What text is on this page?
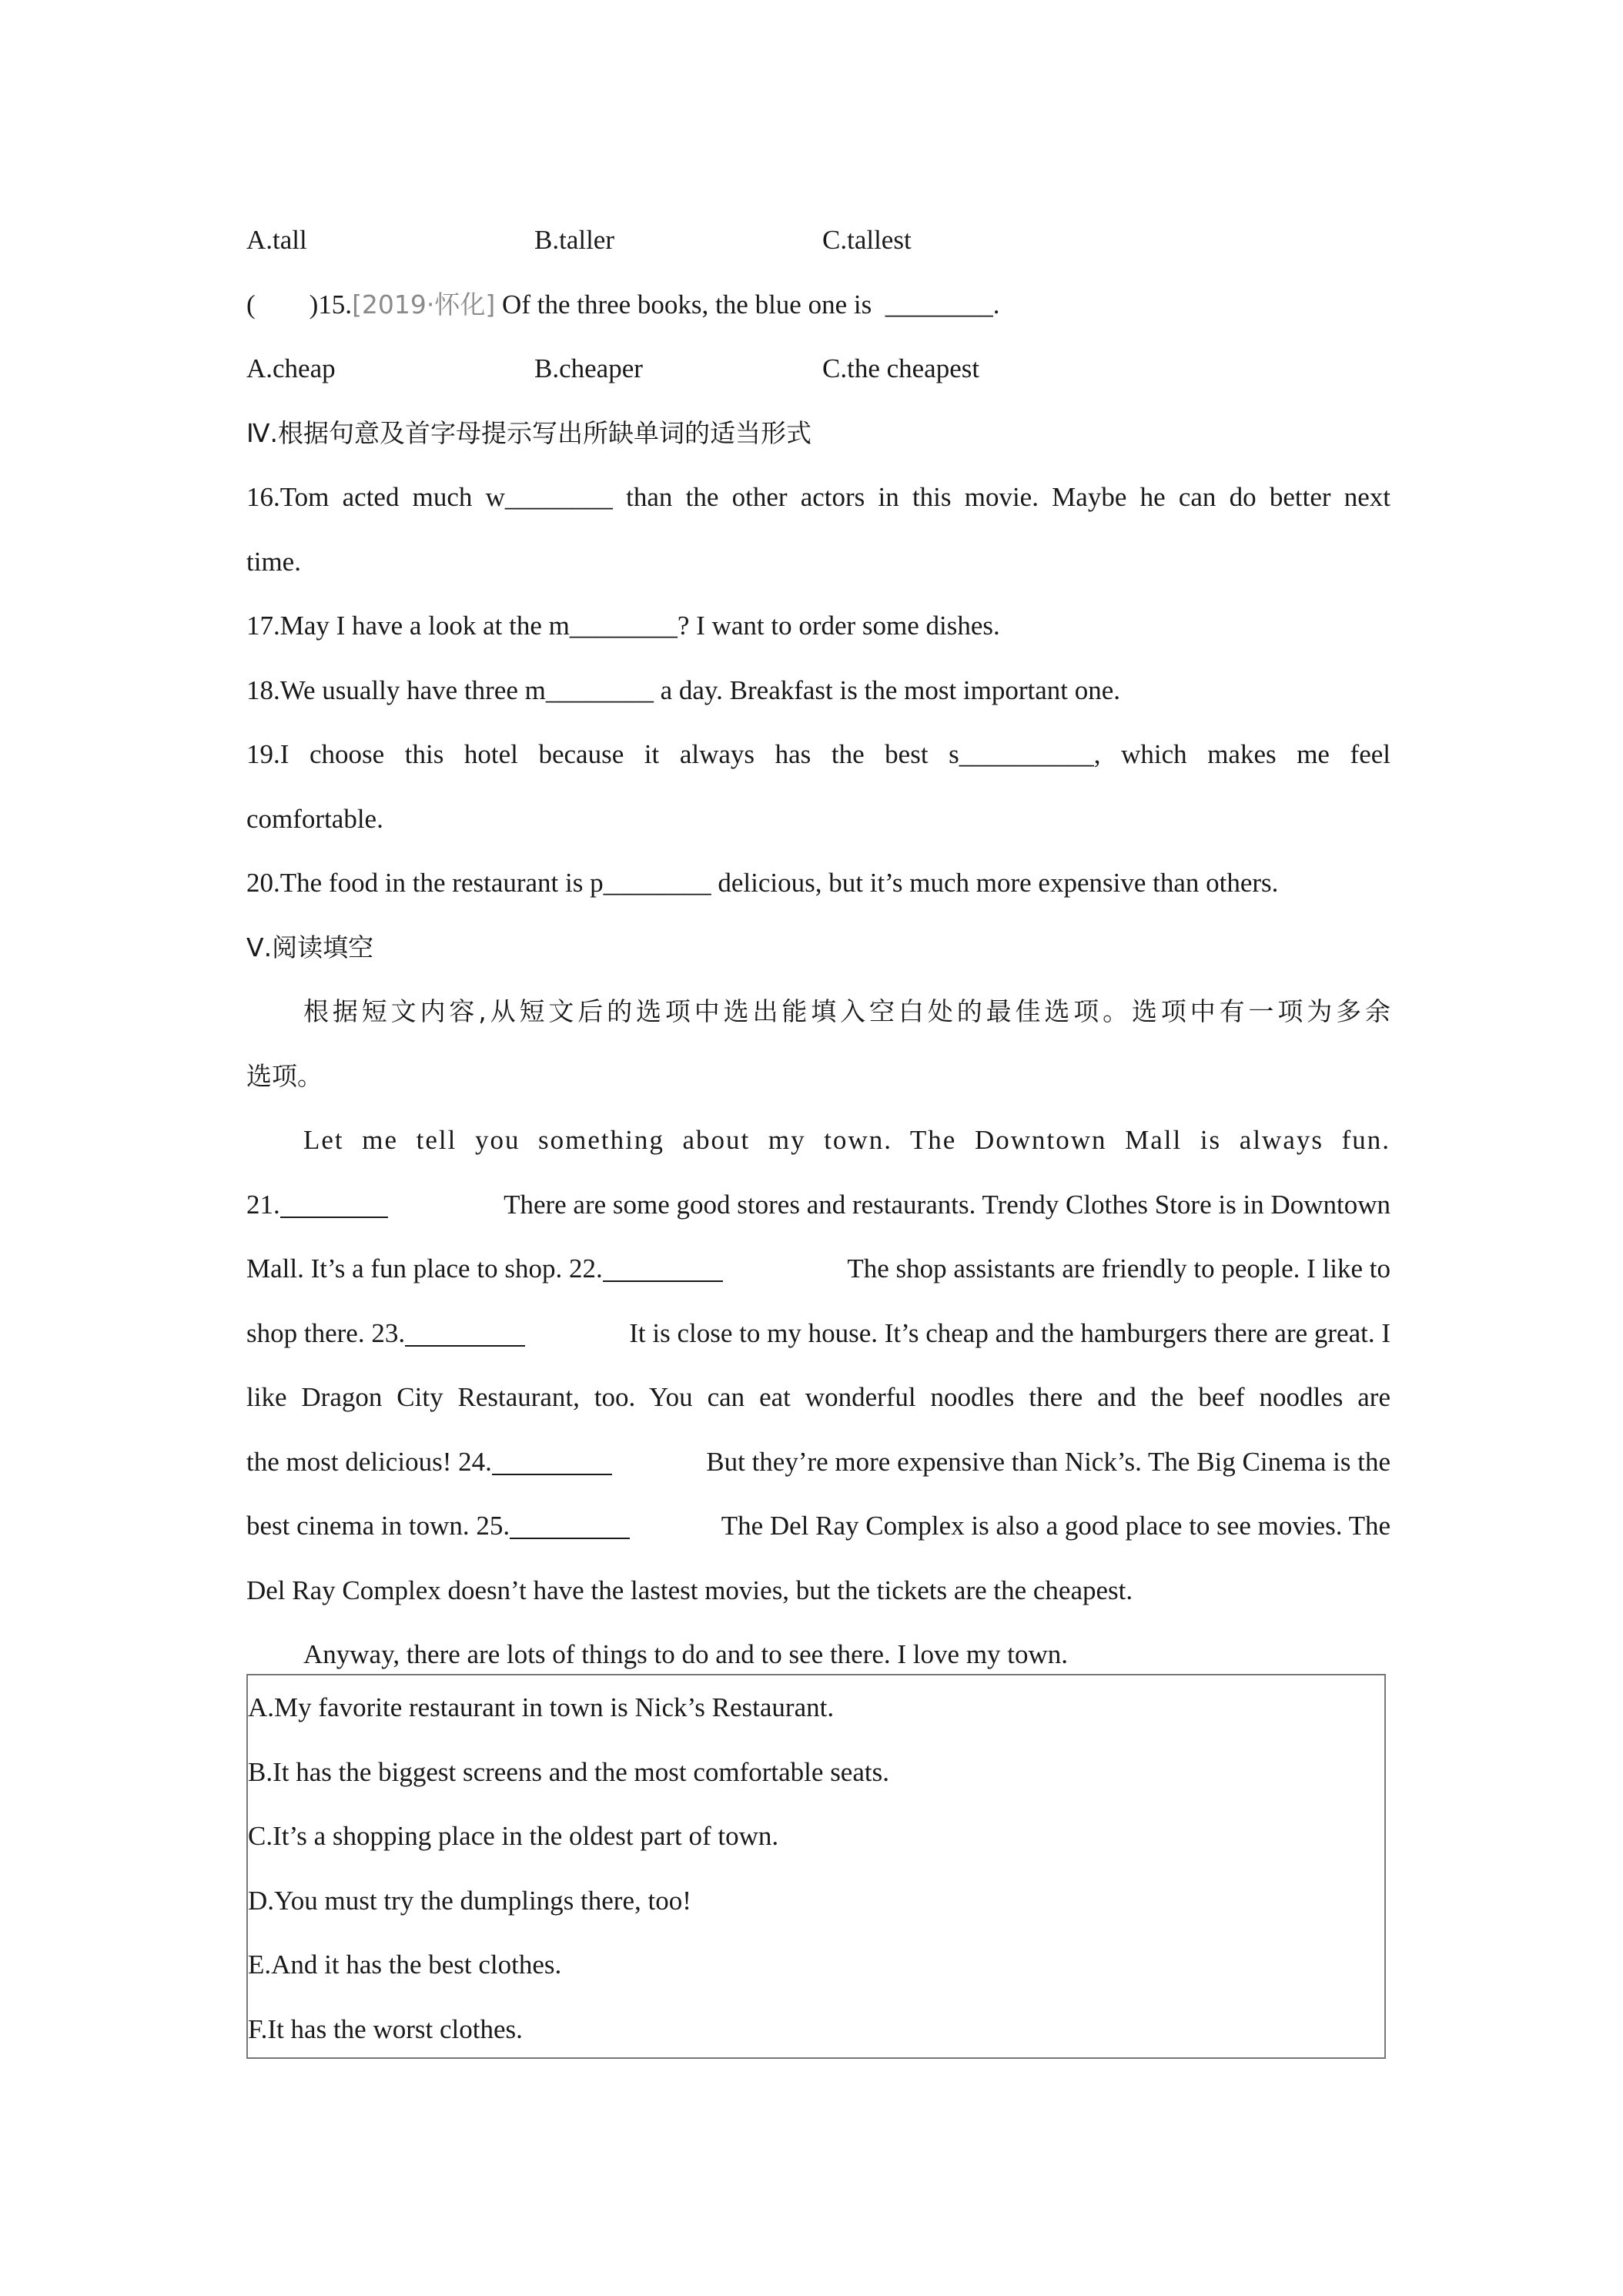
A.tall	B.taller	C.tallest
(        )15.[2019·怀化] Of the three books, the blue one is  ________.
A.cheap	B.cheaper	C.the cheapest
Ⅳ.根据句意及首字母提示写出所缺单词的适当形式
16.Tom acted much w________ than the other actors in this movie. Maybe he can do better next
time.
17.May I have a look at the m________? I want to order some dishes.
18.We usually have three m________ a day. Breakfast is the most important one.
19.I choose this hotel because it always has the best s__________, which makes me feel
comfortable.
20.The food in the restaurant is p________ delicious, but it’s much more expensive than others.
Ⅴ.阅读填空
根据短文内容,从短文后的选项中选出能填入空白处的最佳选项。选项中有一项为多余
选项。
Let me tell you something about my town. The Downtown Mall is always fun.
21.	There are some good stores and restaurants. Trendy Clothes Store is in Downtown
Mall. It’s a fun place to shop. 22.	The shop assistants are friendly to people. I like to
shop there. 23.	It is close to my house. It’s cheap and the hamburgers there are great. I
like Dragon City Restaurant, too. You can eat wonderful noodles there and the beef noodles are
the most delicious! 24.	But they’re more expensive than Nick’s. The Big Cinema is the
best cinema in town. 25.	The Del Ray Complex is also a good place to see movies. The
Del Ray Complex doesn’t have the lastest movies, but the tickets are the cheapest.
Anyway, there are lots of things to do and to see there. I love my town.
A.My favorite restaurant in town is Nick’s Restaurant.
B.It has the biggest screens and the most comfortable seats.
C.It’s a shopping place in the oldest part of town.
D.You must try the dumplings there, too!
E.And it has the best clothes.
F.It has the worst clothes.
